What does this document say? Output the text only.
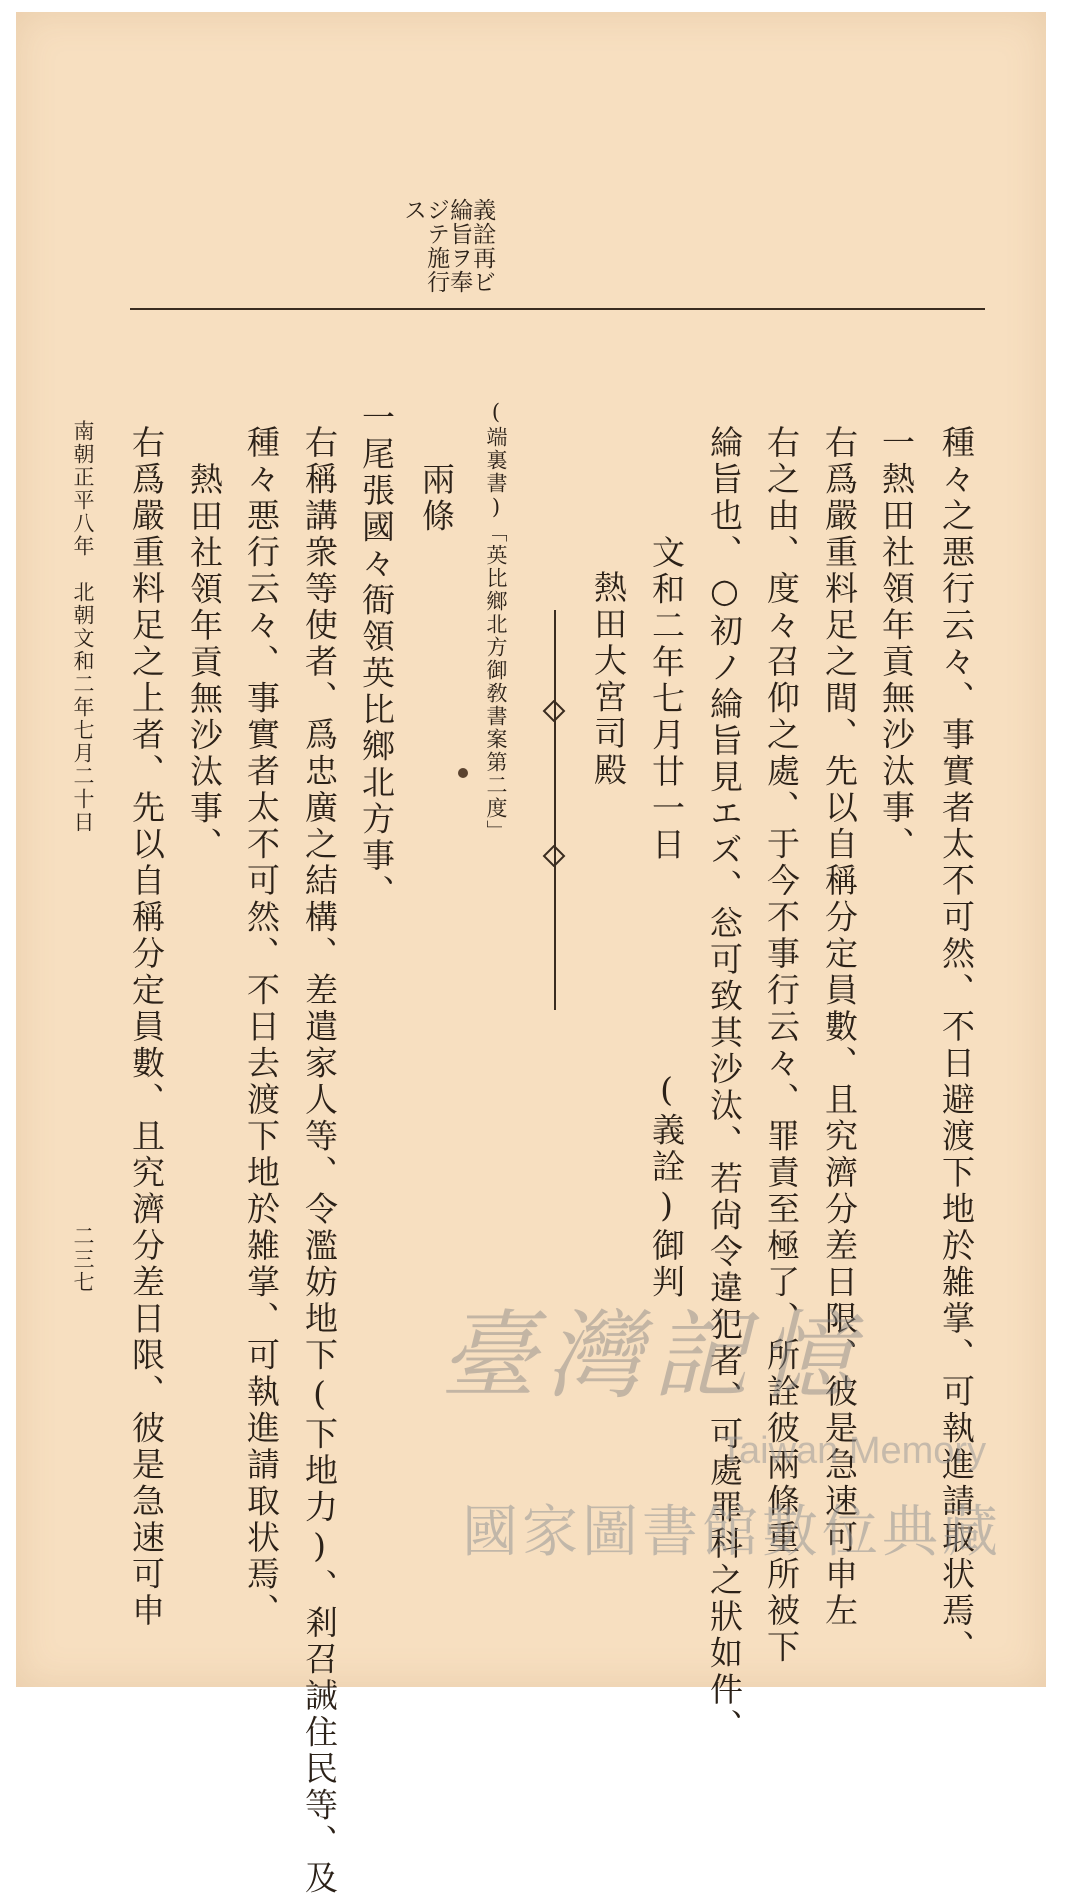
義詮再ビ

綸旨ヲ奉

ジテ施行

ス

種々之悪行云々、事實者太不可然、不日避渡下地於雑掌、可執進請取状焉、

一熱田社領年貢無沙汰事、

右爲嚴重料足之間、先以自稱分定員數、且究濟分差日限、彼是急速可申左

右之由、度々召仰之處、于今不事行云々、罪責至極了、所詮彼兩條重所被下

綸旨也、○初ノ綸旨見エズ、忩可致其沙汰、若尙令違犯者、可處罪科之狀如件、

文和二年七月廿一日

(義詮)御判

熱田大宮司殿

(端裏書)「英比鄉北方御敎書案第二度」

兩條

一尾張國々衙領英比鄉北方事、

右稱講衆等使者、爲忠廣之結構、差遣家人等、令濫妨地下(下地力)、剎召誡住民等、及

種々悪行云々、事實者太不可然、不日去渡下地於雑掌、可執進請取状焉、

熱田社領年貢無沙汰事、

右爲嚴重料足之上者、先以自稱分定員數、且究濟分差日限、彼是急速可申

南朝正平八年　北朝文和二年七月二十日

二三七

臺灣記憶
Taiwan Memory
國家圖書館數位典藏
